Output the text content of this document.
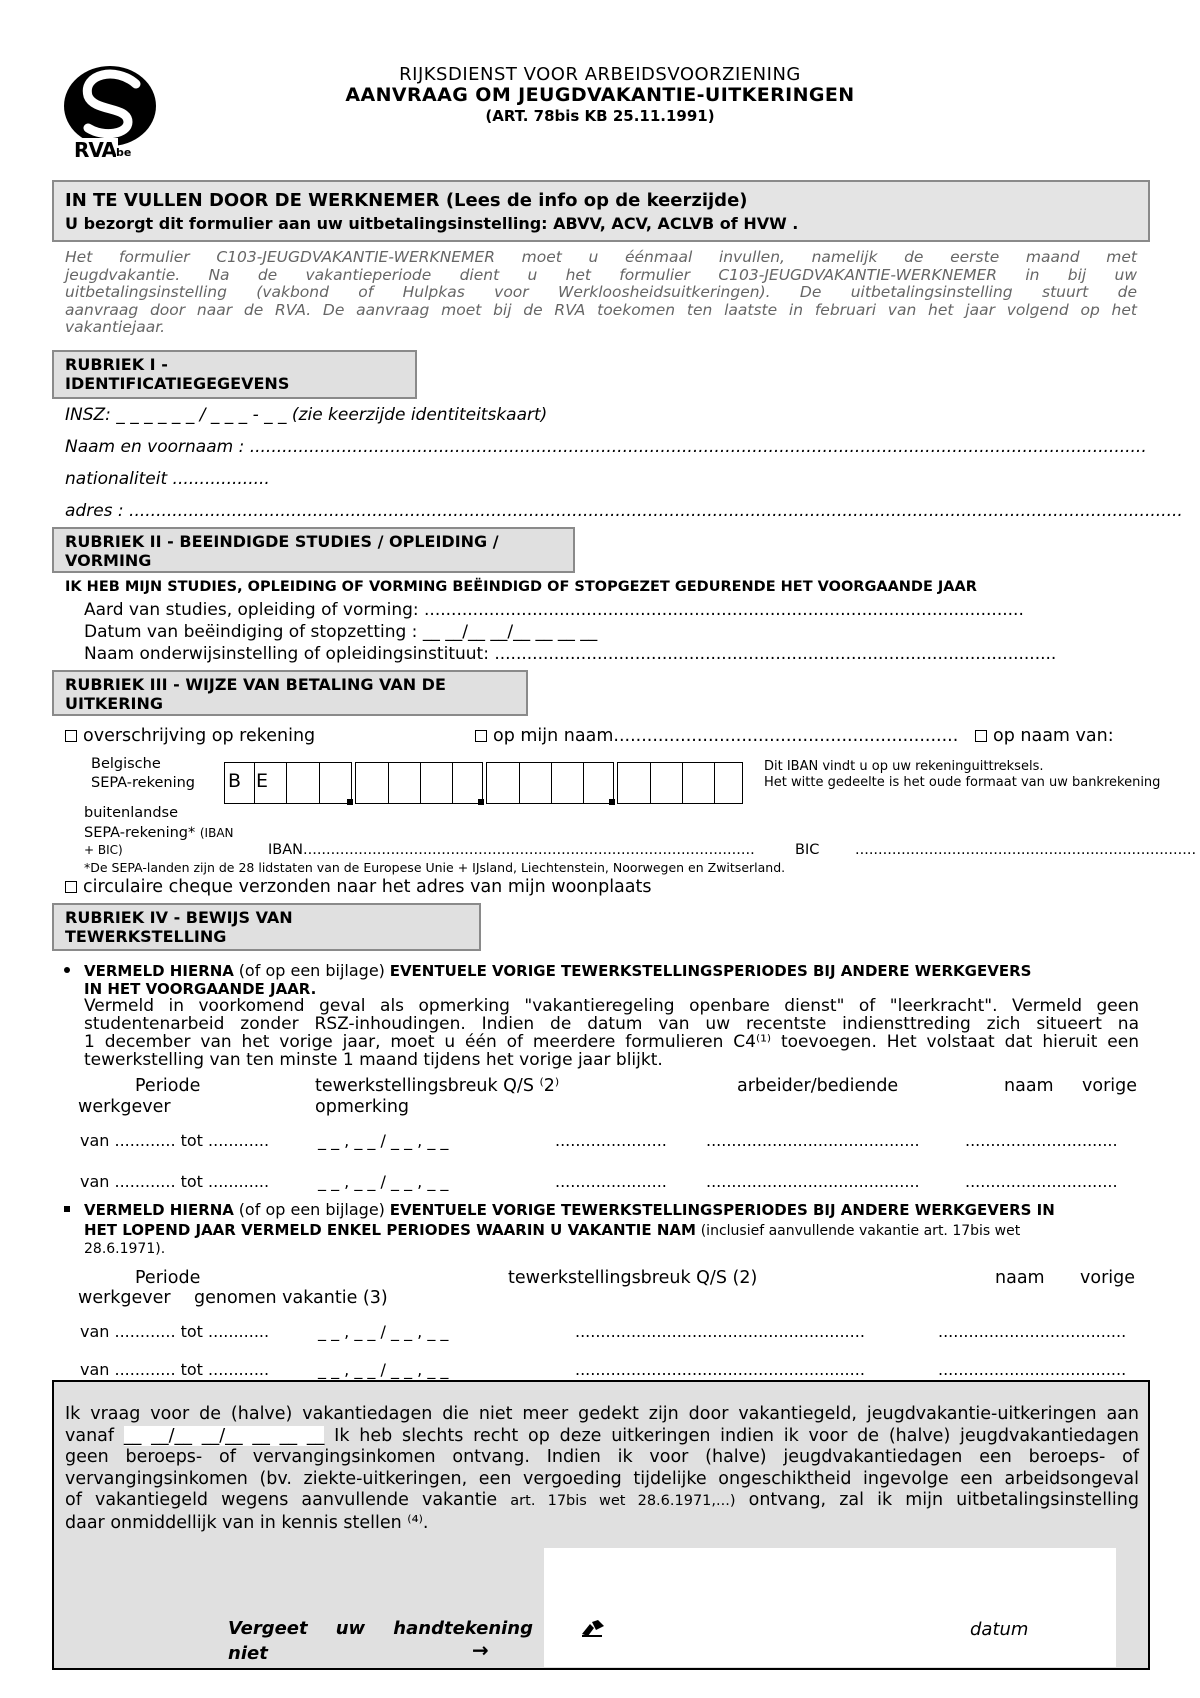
RVA be
RIJKSDIENST VOOR ARBEIDSVOORZIENING
AANVRAAG OM JEUGDVAKANTIE-UITKERINGEN
(ART. 78bis KB 25.11.1991)
IN TE VULLEN DOOR DE WERKNEMER (Lees de info op de keerzijde)
U bezorgt dit formulier aan uw uitbetalingsinstelling: ABVV, ACV, ACLVB of HVW .
Het formulier C103-JEUGDVAKANTIE-WERKNEMER moet u éénmaal invullen, namelijk de eerste maand met
jeugdvakantie. Na de vakantieperiode dient u het formulier C103-JEUGDVAKANTIE-WERKNEMER in bij uw
uitbetalingsinstelling (vakbond of Hulpkas voor Werkloosheidsuitkeringen). De uitbetalingsinstelling stuurt de
aanvraag door naar de RVA. De aanvraag moet bij de RVA toekomen ten laatste in februari van het jaar volgend op het
vakantiejaar.
RUBRIEK I -
IDENTIFICATIEGEGEVENS
INSZ: _ _ _ _ _ _ / _ _ _ - _ _ (zie keerzijde identiteitskaart)
Naam en voornaam : ......................................................................................................................................................................
nationaliteit ..................
adres : ...................................................................................................................................................................................................
RUBRIEK II - BEEINDIGDE STUDIES / OPLEIDING /
VORMING
IK HEB MIJN STUDIES, OPLEIDING OF VORMING BEËINDIGD OF STOPGEZET GEDURENDE HET VOORGAANDE JAAR
Aard van studies, opleiding of vorming: ...............................................................................................................
Datum van beëindiging of stopzetting : __ __/__ __/__ __ __ __
Naam onderwijsinstelling of opleidingsinstituut: ........................................................................................................
RUBRIEK III - WIJZE VAN BETALING VAN DE
UITKERING
overschrijving op rekening	op mijn naam..............................................................	op naam van:
Belgische
SEPA-rekening B E
Dit IBAN vindt u op uw rekeninguittreksels.
Het witte gedeelte is het oude formaat van uw bankrekening
buitenlandse
SEPA-rekening* (IBAN
+ BIC)	IBAN..................................................................................................	BIC ..........................................................................
*De SEPA-landen zijn de 28 lidstaten van de Europese Unie + IJsland, Liechtenstein, Noorwegen en Zwitserland.
circulaire cheque verzonden naar het adres van mijn woonplaats
RUBRIEK IV - BEWIJS VAN
TEWERKSTELLING
VERMELD HIERNA (of op een bijlage) EVENTUELE VORIGE TEWERKSTELLINGSPERIODES BIJ ANDERE WERKGEVERS
IN HET VOORGAANDE JAAR.
Vermeld in voorkomend geval als opmerking "vakantieregeling openbare dienst" of "leerkracht". Vermeld geen
studentenarbeid zonder RSZ-inhoudingen. Indien de datum van uw recentste indiensttreding zich situeert na
1 december van het vorige jaar, moet u één of meerdere formulieren C4⁽¹⁾ toevoegen. Het volstaat dat hieruit een
tewerkstelling van ten minste 1 maand tijdens het vorige jaar blijkt.
Periode	tewerkstellingsbreuk Q/S ⁽2⁾	arbeider/bediende	naam vorige
werkgever	opmerking
van ............ tot ............	_ _ , _ _ / _ _ , _ _	...................... ..........................................	..............................
van ............ tot ............	_ _ , _ _ / _ _ , _ _	...................... ..........................................	..............................
VERMELD HIERNA (of op een bijlage) EVENTUELE VORIGE TEWERKSTELLINGSPERIODES BIJ ANDERE WERKGEVERS IN
HET LOPEND JAAR VERMELD ENKEL PERIODES WAARIN U VAKANTIE NAM (inclusief aanvullende vakantie art. 17bis wet
28.6.1971).
Periode	tewerkstellingsbreuk Q/S (2)	naam vorige
werkgever genomen vakantie (3)
van ............ tot ............	_ _ , _ _ / _ _ , _ _	.........................................................	.....................................
van ............ tot ............	_ _ , _ _ / _ _ , _ _	.........................................................	.....................................
Ik vraag voor de (halve) vakantiedagen die niet meer gedekt zijn door vakantiegeld, jeugdvakantie-uitkeringen aan
vanaf __ __/__ __/__ __ __ __ Ik heb slechts recht op deze uitkeringen indien ik voor de (halve) jeugdvakantiedagen
geen beroeps- of vervangingsinkomen ontvang. Indien ik voor (halve) jeugdvakantiedagen een beroeps- of
vervangingsinkomen (bv. ziekte-uitkeringen, een vergoeding tijdelijke ongeschiktheid ingevolge een arbeidsongeval
of vakantiegeld wegens aanvullende vakantie art. 17bis wet 28.6.1971,...) ontvang, zal ik mijn uitbetalingsinstelling
daar onmiddellijk van in kennis stellen ⁽⁴⁾.
Vergeet uw handtekening
niet	→
datum
